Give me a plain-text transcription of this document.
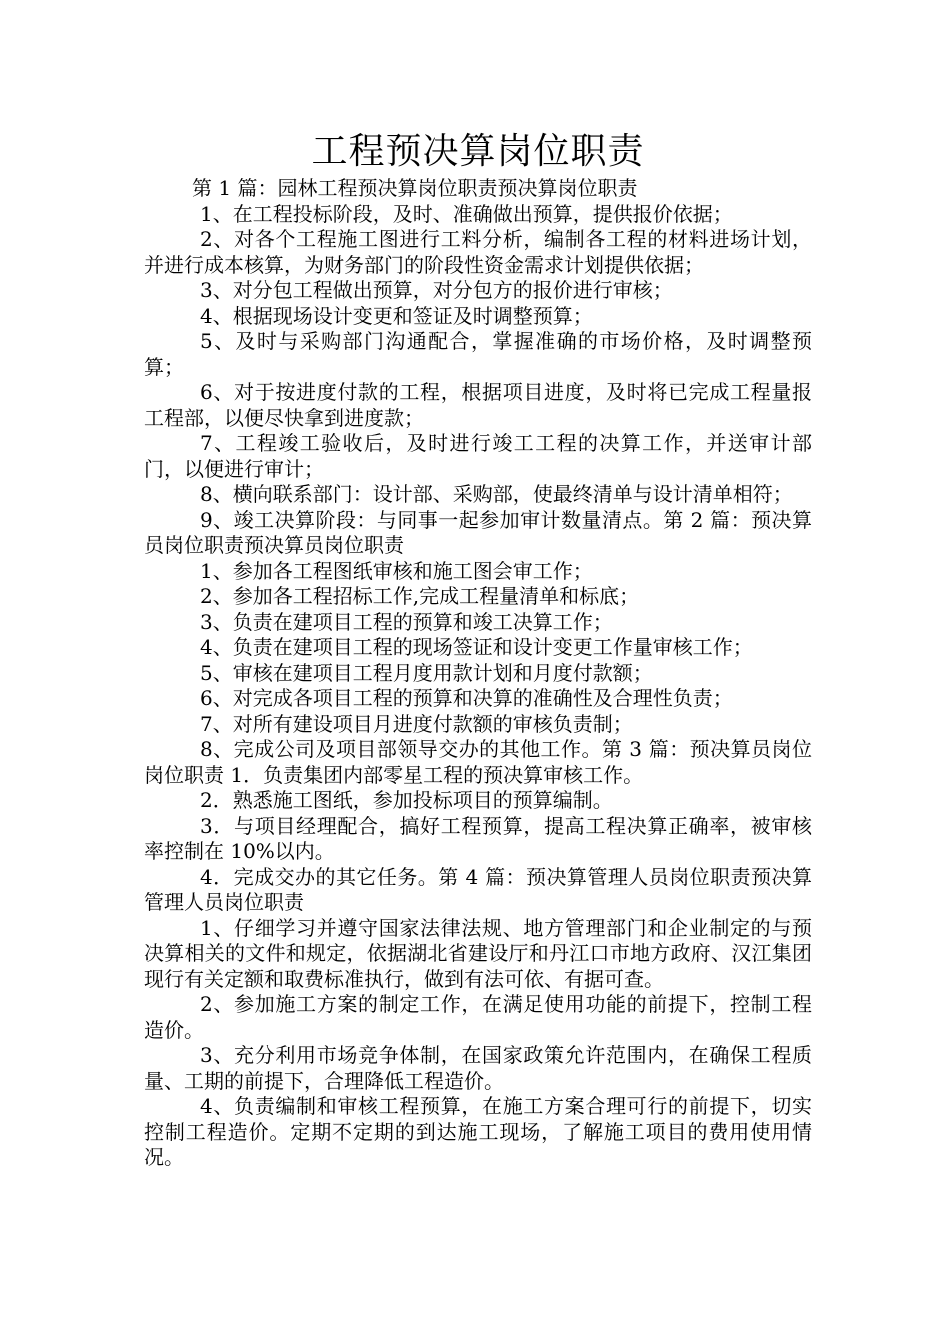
工程预决算岗位职责

第 1 篇：园林工程预决算岗位职责预决算岗位职责

1、在工程投标阶段，及时、准确做出预算，提供报价依据；

2、对各个工程施工图进行工料分析，编制各工程的材料进场计划，并进行成本核算，为财务部门的阶段性资金需求计划提供依据；

3、对分包工程做出预算，对分包方的报价进行审核；

4、根据现场设计变更和签证及时调整预算；

5、及时与采购部门沟通配合，掌握准确的市场价格，及时调整预算；

6、对于按进度付款的工程，根据项目进度，及时将已完成工程量报工程部，以便尽快拿到进度款；

7、工程竣工验收后，及时进行竣工工程的决算工作，并送审计部门，以便进行审计；

8、横向联系部门：设计部、采购部，使最终清单与设计清单相符；

9、竣工决算阶段：与同事一起参加审计数量清点。第 2 篇：预决算员岗位职责预决算员岗位职责

1、参加各工程图纸审核和施工图会审工作；

2、参加各工程招标工作,完成工程量清单和标底；

3、负责在建项目工程的预算和竣工决算工作；

4、负责在建项目工程的现场签证和设计变更工作量审核工作；

5、审核在建项目工程月度用款计划和月度付款额；

6、对完成各项目工程的预算和决算的准确性及合理性负责；

7、对所有建设项目月进度付款额的审核负责制；

8、完成公司及项目部领导交办的其他工作。第 3 篇：预决算员岗位岗位职责 1．负责集团内部零星工程的预决算审核工作。

2．熟悉施工图纸，参加投标项目的预算编制。

3．与项目经理配合，搞好工程预算，提高工程决算正确率，被审核率控制在 10%以内。

4．完成交办的其它任务。第 4 篇：预决算管理人员岗位职责预决算管理人员岗位职责

1、仔细学习并遵守国家法律法规、地方管理部门和企业制定的与预决算相关的文件和规定，依据湖北省建设厅和丹江口市地方政府、汉江集团现行有关定额和取费标准执行，做到有法可依、有据可查。

2、参加施工方案的制定工作，在满足使用功能的前提下，控制工程造价。

3、充分利用市场竞争体制，在国家政策允许范围内，在确保工程质量、工期的前提下，合理降低工程造价。

4、负责编制和审核工程预算，在施工方案合理可行的前提下，切实控制工程造价。定期不定期的到达施工现场，了解施工项目的费用使用情况。
